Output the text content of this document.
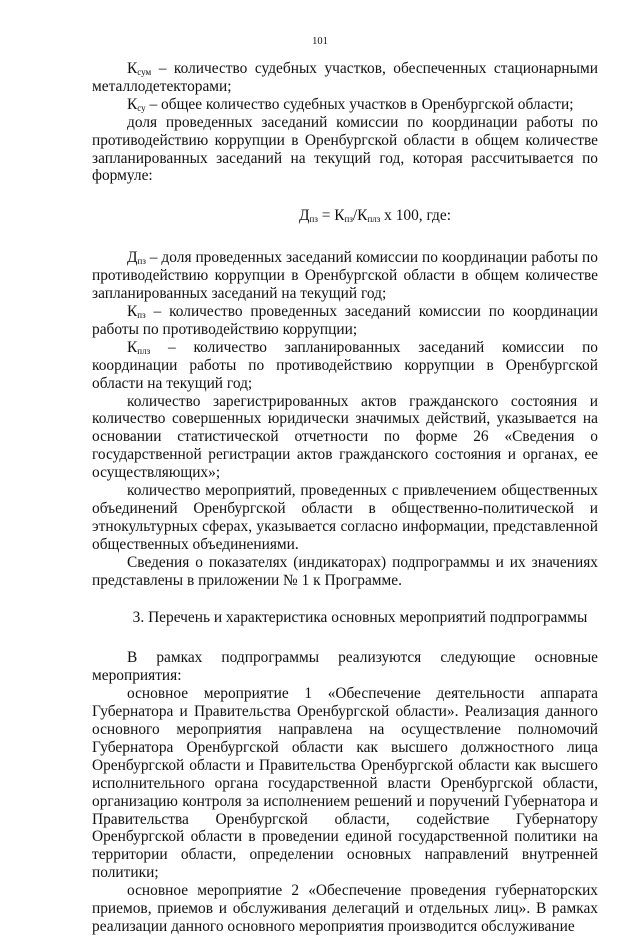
101

$К_{сум}$ – количество судебных участков, обеспеченных стационарными металлодетекторами;

$К_{су}$ – общее количество судебных участков в Оренбургской области;

доля проведенных заседаний комиссии по координации работы по противодействию коррупции в Оренбургской области в общем количестве запланированных заседаний на текущий год, которая рассчитывается по формуле:

$Д_{пз} = К_{пз}/К_{плз}$ х 100, где:

$Д_{пз}$ – доля проведенных заседаний комиссии по координации работы по противодействию коррупции в Оренбургской области в общем количестве запланированных заседаний на текущий год;

$К_{пз}$ – количество проведенных заседаний комиссии по координации работы по противодействию коррупции;

$К_{плз}$ – количество запланированных заседаний комиссии по координации работы по противодействию коррупции в Оренбургской области на текущий год;

количество зарегистрированных актов гражданского состояния и количество совершенных юридически значимых действий, указывается на основании статистической отчетности по форме 26 «Сведения о государственной регистрации актов гражданского состояния и органах, ее осуществляющих»;

количество мероприятий, проведенных с привлечением общественных объединений Оренбургской области в общественно-политической и этнокультурных сферах, указывается согласно информации, представленной общественных объединениями.

Сведения о показателях (индикаторах) подпрограммы и их значениях представлены в приложении № 1 к Программе.

3. Перечень и характеристика основных мероприятий подпрограммы

В рамках подпрограммы реализуются следующие основные мероприятия:

основное мероприятие 1 «Обеспечение деятельности аппарата Губернатора и Правительства Оренбургской области». Реализация данного основного мероприятия направлена на осуществление полномочий Губернатора Оренбургской области как высшего должностного лица Оренбургской области и Правительства Оренбургской области как высшего исполнительного органа государственной власти Оренбургской области, организацию контроля за исполнением решений и поручений Губернатора и Правительства Оренбургской области, содействие Губернатору Оренбургской области в проведении единой государственной политики на территории области, определении основных направлений внутренней политики;

основное мероприятие 2 «Обеспечение проведения губернаторских приемов, приемов и обслуживания делегаций и отдельных лиц». В рамках реализации данного основного мероприятия производится обслуживание
